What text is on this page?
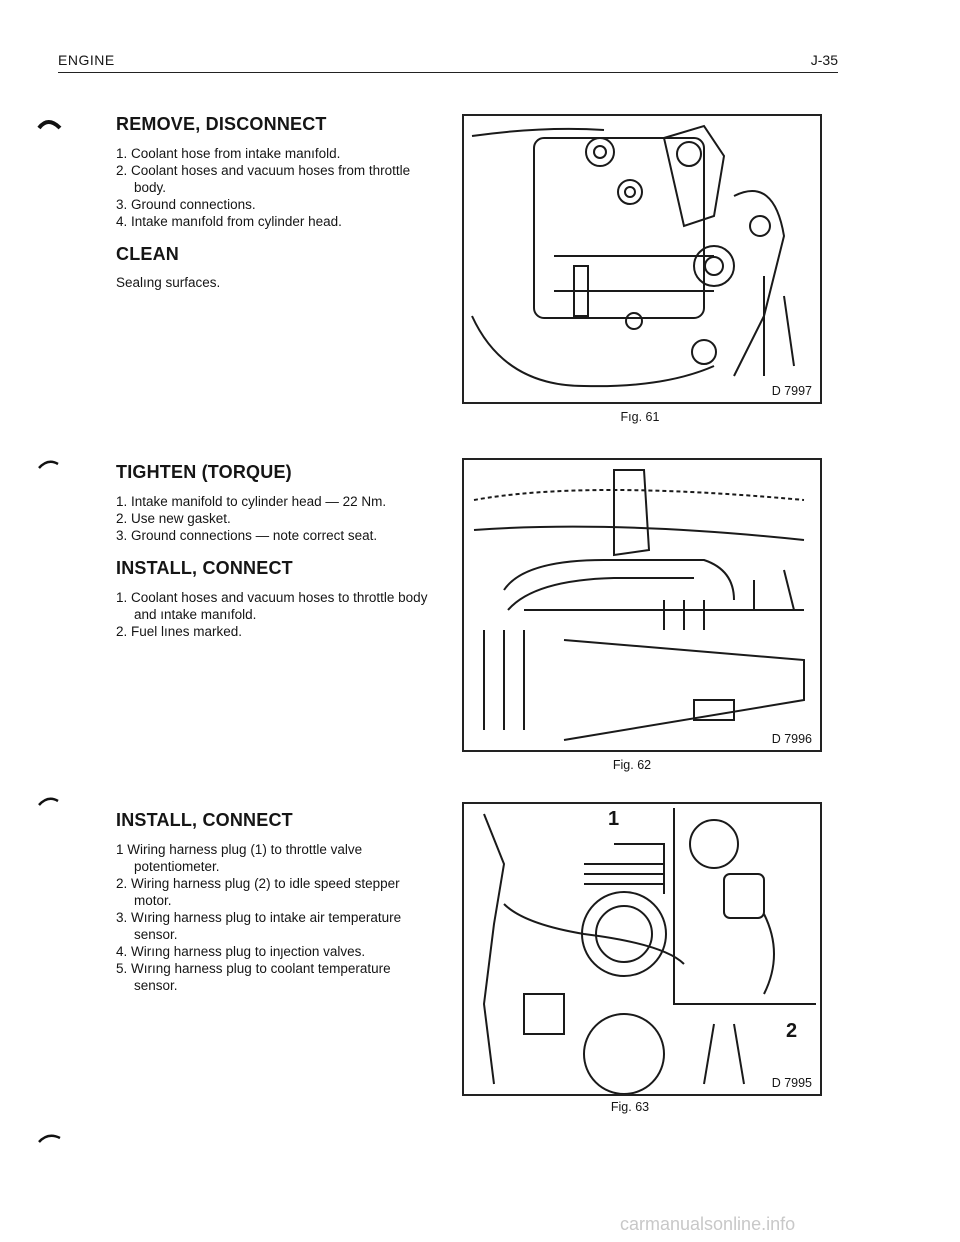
ENGINE	J-35
REMOVE, DISCONNECT
1. Coolant hose from intake manıfold.
2. Coolant hoses and vacuum hoses from throttle body.
3. Ground connections.
4. Intake manıfold from cylinder head.
CLEAN

Sealıng surfaces.

TIGHTEN (TORQUE)
1. Intake manifold to cylinder head — 22 Nm.
2. Use new gasket.
3. Ground connections — note correct seat.
INSTALL, CONNECT
1. Coolant hoses and vacuum hoses to throttle body and ıntake manıfold.
2. Fuel lınes marked.
INSTALL, CONNECT
1 Wiring harness plug (1) to throttle valve potentiometer.
2. Wiring harness plug (2) to idle speed stepper motor.
3. Wıring harness plug to intake air temperature sensor.
4. Wirıng harness plug to inȷection valves.
5. Wırıng harness plug to coolant temperature sensor.
D 7997
Fıg. 61
D 7996
Fig. 62
1
2
D 7995
Fig. 63
carmanualsonline.info
